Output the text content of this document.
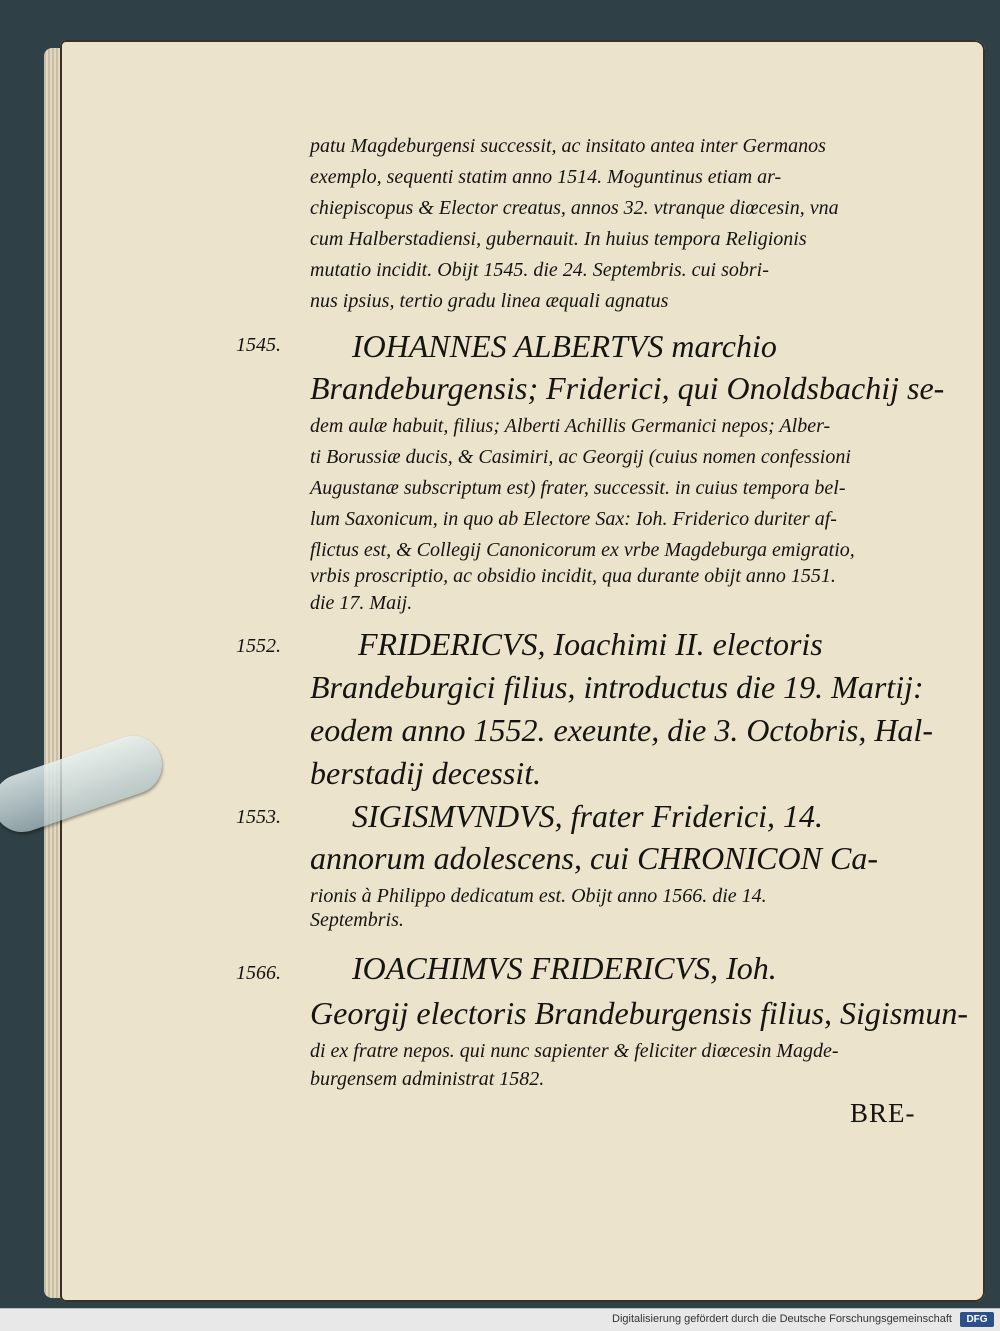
patu Magdeburgensi successit, ac insitato antea inter Germanos
exemplo, sequenti statim anno 1514. Moguntinus etiam ar-
chiepiscopus & Elector creatus, annos 32. vtranque diœcesin, vna
cum Halberstadiensi, gubernauit. In huius tempora Religionis
mutatio incidit. Obijt 1545. die 24. Septembris. cui sobri-
nus ipsius, tertio gradu linea æquali agnatus
1545. IOHANNES ALBERTVS marchio
Brandeburgensis; Friderici, qui Onoldsbachij se-
dem aulæ habuit, filius; Alberti Achillis Germanici nepos; Alber-
ti Borussiæ ducis, & Casimiri, ac Georgij (cuius nomen confessioni
Augustanæ subscriptum est) frater, successit. in cuius tempora bel-
lum Saxonicum, in quo ab Electore Sax: Ioh. Friderico duriter af-
flictus est, & Collegij Canonicorum ex vrbe Magdeburga emigratio,
vrbis proscriptio, ac obsidio incidit, qua durante obijt anno 1551.
die 17. Maij.
1552. FRIDERICVS, Ioachimi II. electoris
Brandeburgici filius, introductus die 19. Martij:
eodem anno 1552. exeunte, die 3. Octobris, Hal-
berstadij decessit.
1553. SIGISMVNDVS, frater Friderici, 14.
annorum adolescens, cui CHRONICON Ca-
rionis à Philippo dedicatum est. Obijt anno 1566. die 14.
Septembris.
1566. IOACHIMVS FRIDERICVS, Ioh.
Georgij electoris Brandeburgensis filius, Sigismun-
di ex fratre nepos. qui nunc sapienter & feliciter diœcesin Magde-
burgensem administrat 1582.
BRE-
Digitalisierung gefördert durch die Deutsche Forschungsgemeinschaft	DFG
